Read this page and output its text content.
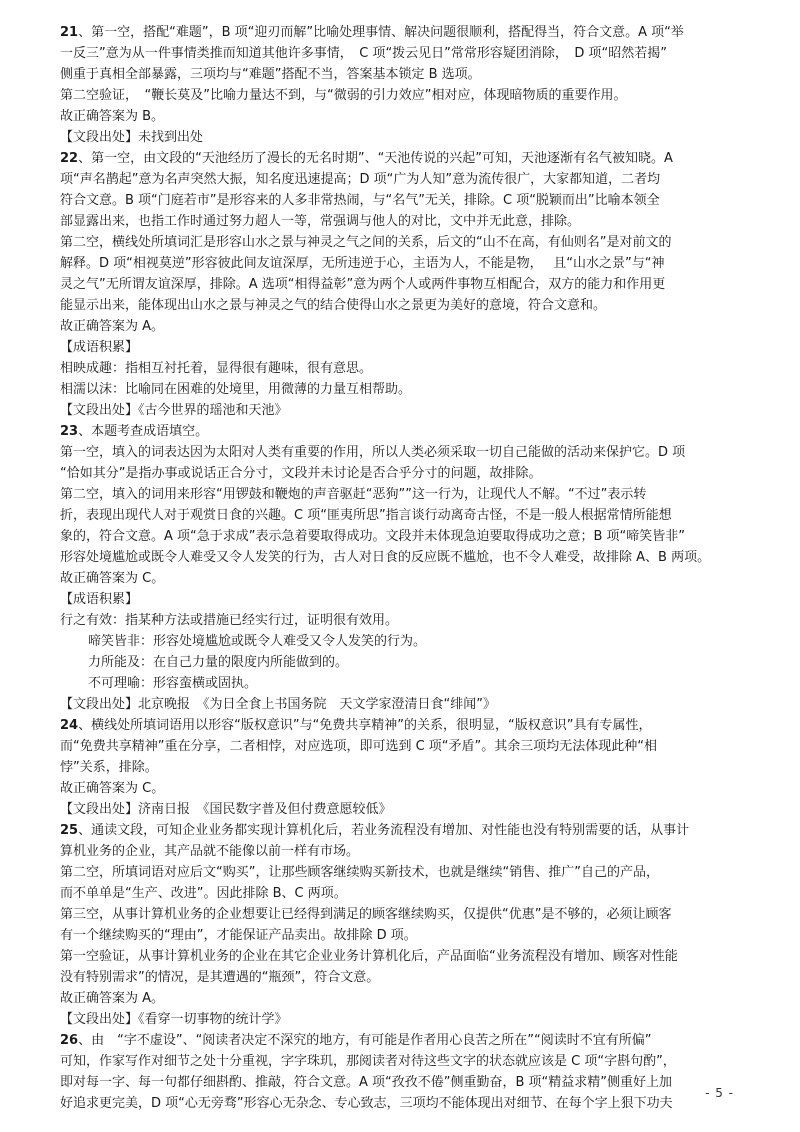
21、第一空，搭配“难题”，B 项“迎刃而解”比喻处理事情、解决问题很顺利，搭配得当，符合文意。A 项“举
一反三”意为从一件事情类推而知道其他许多事情，　C 项“拨云见日”常常形容疑团消除，　D 项“昭然若揭”
侧重于真相全部暴露，三项均与“难题”搭配不当，答案基本锁定 B 选项。
第二空验证，　“鞭长莫及”比喻力量达不到，与“微弱的引力效应”相对应，体现暗物质的重要作用。
故正确答案为 B。
【文段出处】未找到出处
22、第一空，由文段的“天池经历了漫长的无名时期”、“天池传说的兴起”可知，天池逐渐有名气被知晓。A
项“声名鹊起”意为名声突然大振，知名度迅速提高；D 项“广为人知”意为流传很广，大家都知道，二者均
符合文意。B 项“门庭若市”是形容来的人多非常热闹，与“名气”无关，排除。C 项“脱颖而出”比喻本领全
部显露出来，也指工作时通过努力超人一等，常强调与他人的对比，文中并无此意，排除。
第二空，横线处所填词汇是形容山水之景与神灵之气之间的关系，后文的“山不在高，有仙则名”是对前文的
解释。D 项“相视莫逆”形容彼此间友谊深厚，无所违逆于心，主语为人，不能是物，　 且“山水之景”与“神
灵之气”无所谓友谊深厚，排除。A 选项“相得益彰”意为两个人或两件事物互相配合，双方的能力和作用更
能显示出来，能体现出山水之景与神灵之气的结合使得山水之景更为美好的意境，符合文意和。
故正确答案为 A。
【成语积累】
相映成趣：指相互衬托着，显得很有趣味，很有意思。
相濡以沫：比喻同在困难的处境里，用微薄的力量互相帮助。
【文段出处】《古今世界的瑶池和天池》
23、本题考查成语填空。
第一空，填入的词表达因为太阳对人类有重要的作用，所以人类必须采取一切自己能做的活动来保护它。D 项
“恰如其分”是指办事或说话正合分寸，文段并未讨论是否合乎分寸的问题，故排除。
第二空，填入的词用来形容“用锣鼓和鞭炮的声音驱赶“恶狗””这一行为，让现代人不解。“不过”表示转
折，表现出现代人对于观赏日食的兴趣。C 项“匪夷所思”指言谈行动离奇古怪，不是一般人根据常情所能想
象的，符合文意。A 项“急于求成”表示急着要取得成功。文段并未体现急迫要取得成功之意；B 项“啼笑皆非”
形容处境尴尬或既令人难受又令人发笑的行为，古人对日食的反应既不尴尬，也不令人难受，故排除 A、B 两项。
故正确答案为 C。
【成语积累】
行之有效：指某种方法或措施已经实行过，证明很有效用。
啼笑皆非：形容处境尴尬或既令人难受又令人发笑的行为。
力所能及：在自己力量的限度内所能做到的。
不可理喻：形容蛮横或固执。
【文段出处】北京晚报　《为日全食上书国务院　天文学家澄清日食“绯闻”》
24、横线处所填词语用以形容“版权意识”与“免费共享精神”的关系，很明显，“版权意识”具有专属性，
而“免费共享精神”重在分享，二者相悖，对应选项，即可选到 C 项“矛盾”。其余三项均无法体现此种“相
悖”关系，排除。
故正确答案为 C。
【文段出处】济南日报　《国民数字普及但付费意愿较低》
25、通读文段，可知企业业务都实现计算机化后，若业务流程没有增加、对性能也没有特别需要的话，从事计
算机业务的企业，其产品就不能像以前一样有市场。
第二空，所填词语对应后文“购买”，让那些顾客继续购买新技术，也就是继续“销售、推广”自己的产品，
而不单单是“生产、改进”。因此排除 B、C 两项。
第三空，从事计算机业务的企业想要让已经得到满足的顾客继续购买，仅提供“优惠”是不够的，必须让顾客
有一个继续购买的“理由”，才能保证产品卖出。故排除 D 项。
第一空验证，从事计算机业务的企业在其它企业业务计算机化后，产品面临“业务流程没有增加、顾客对性能
没有特别需求”的情况，是其遭遇的“瓶颈”，符合文意。
故正确答案为 A。
【文段出处】《看穿一切事物的统计学》
26、由　“字不虚设”、“阅读者决定不深究的地方，有可能是作者用心良苦之所在”“阅读时不宜有所偏”
可知，作家写作对细节之处十分重视，字字珠玑，那阅读者对待这些文字的状态就应该是 C 项“字斟句酌”，
即对每一字、每一句都仔细斟酌、推敲，符合文意。A 项“孜孜不倦”侧重勤奋，B 项“精益求精”侧重好上加
好追求更完美，D 项“心无旁骛”形容心无杂念、专心致志，三项均不能体现出对细节、在每个字上狠下功夫
- 5 -
